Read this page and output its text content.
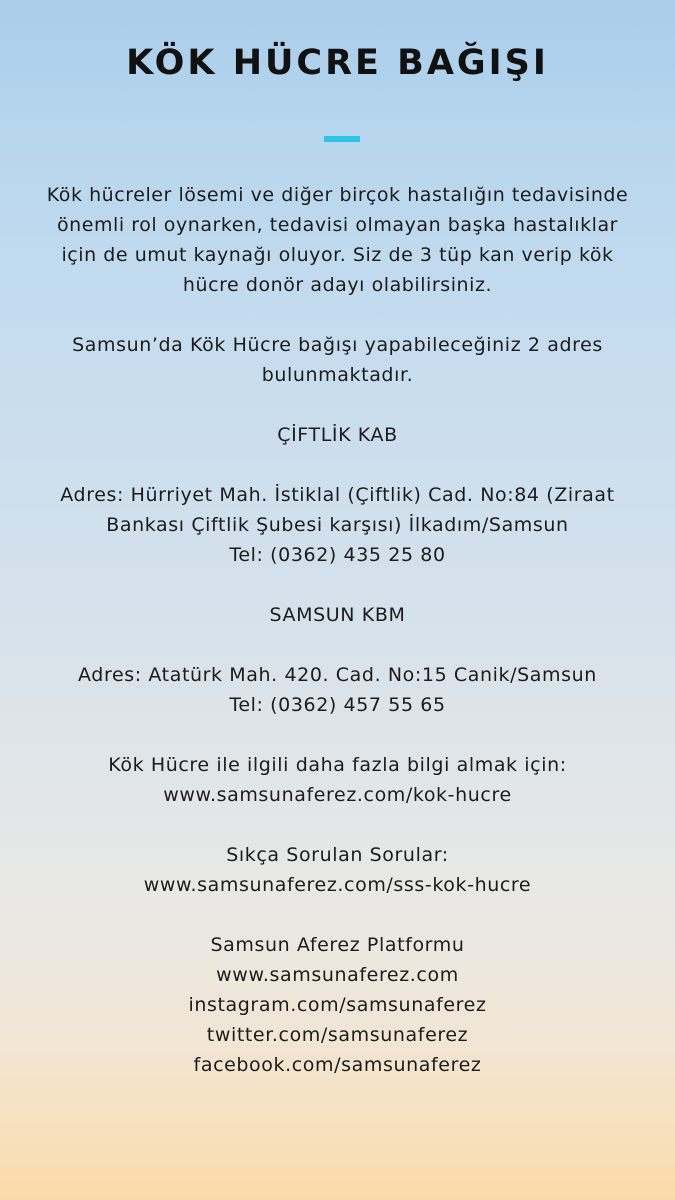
KÖK HÜCRE BAĞIŞI
Kök hücreler lösemi ve diğer birçok hastalığın tedavisinde
önemli rol oynarken, tedavisi olmayan başka hastalıklar
için de umut kaynağı oluyor. Siz de 3 tüp kan verip kök
hücre donör adayı olabilirsiniz.
Samsun’da Kök Hücre bağışı yapabileceğiniz 2 adres
bulunmaktadır.
ÇİFTLİK KAB
Adres: Hürriyet Mah. İstiklal (Çiftlik) Cad. No:84 (Ziraat
Bankası Çiftlik Şubesi karşısı) İlkadım/Samsun
Tel: (0362) 435 25 80
SAMSUN KBM
Adres: Atatürk Mah. 420. Cad. No:15 Canik/Samsun
Tel: (0362) 457 55 65
Kök Hücre ile ilgili daha fazla bilgi almak için:
www.samsunaferez.com/kok-hucre
Sıkça Sorulan Sorular:
www.samsunaferez.com/sss-kok-hucre
Samsun Aferez Platformu
www.samsunaferez.com
instagram.com/samsunaferez
twitter.com/samsunaferez
facebook.com/samsunaferez
